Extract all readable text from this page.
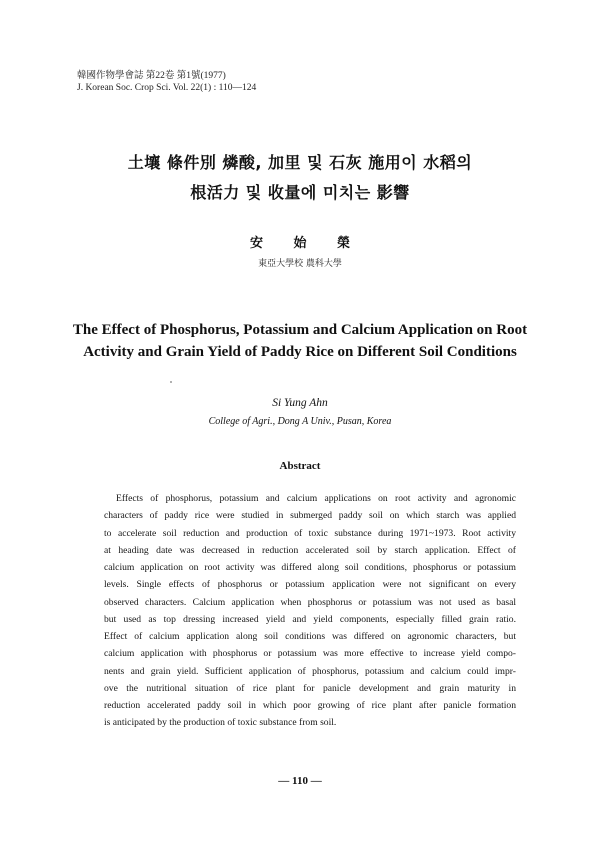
韓國作物學會誌 第22卷 第1號(1977)
J. Korean Soc. Crop Sci. Vol. 22(1) : 110—124
土壤 條件別 燐酸, 加里 및 石灰 施用이 水稻의
根活力 및 收量에 미치는 影響
安 始 榮
東亞大學校 農科大學
The Effect of Phosphorus, Potassium and Calcium Application on Root
Activity and Grain Yield of Paddy Rice on Different Soil Conditions
Si Yung Ahn
College of Agri., Dong A Univ., Pusan, Korea
Abstract
Effects of phosphorus, potassium and calcium applications on root activity and agronomic
characters of paddy rice were studied in submerged paddy soil on which starch was applied
to accelerate soil reduction and production of toxic substance during 1971~1973. Root activity
at heading date was decreased in reduction accelerated soil by starch application. Effect of
calcium application on root activity was differed along soil conditions, phosphorus or potassium
levels. Single effects of phosphorus or potassium application were not significant on every
observed characters. Calcium application when phosphorus or potassium was not used as basal
but used as top dressing increased yield and yield components, especially filled grain ratio.
Effect of calcium application along soil conditions was differed on agronomic characters, but
calcium application with phosphorus or potassium was more effective to increase yield compo-
nents and grain yield. Sufficient application of phosphorus, potassium and calcium could impr-
ove the nutritional situation of rice plant for panicle development and grain maturity in
reduction accelerated paddy soil in which poor growing of rice plant after panicle formation
is anticipated by the production of toxic substance from soil.
— 110 —
